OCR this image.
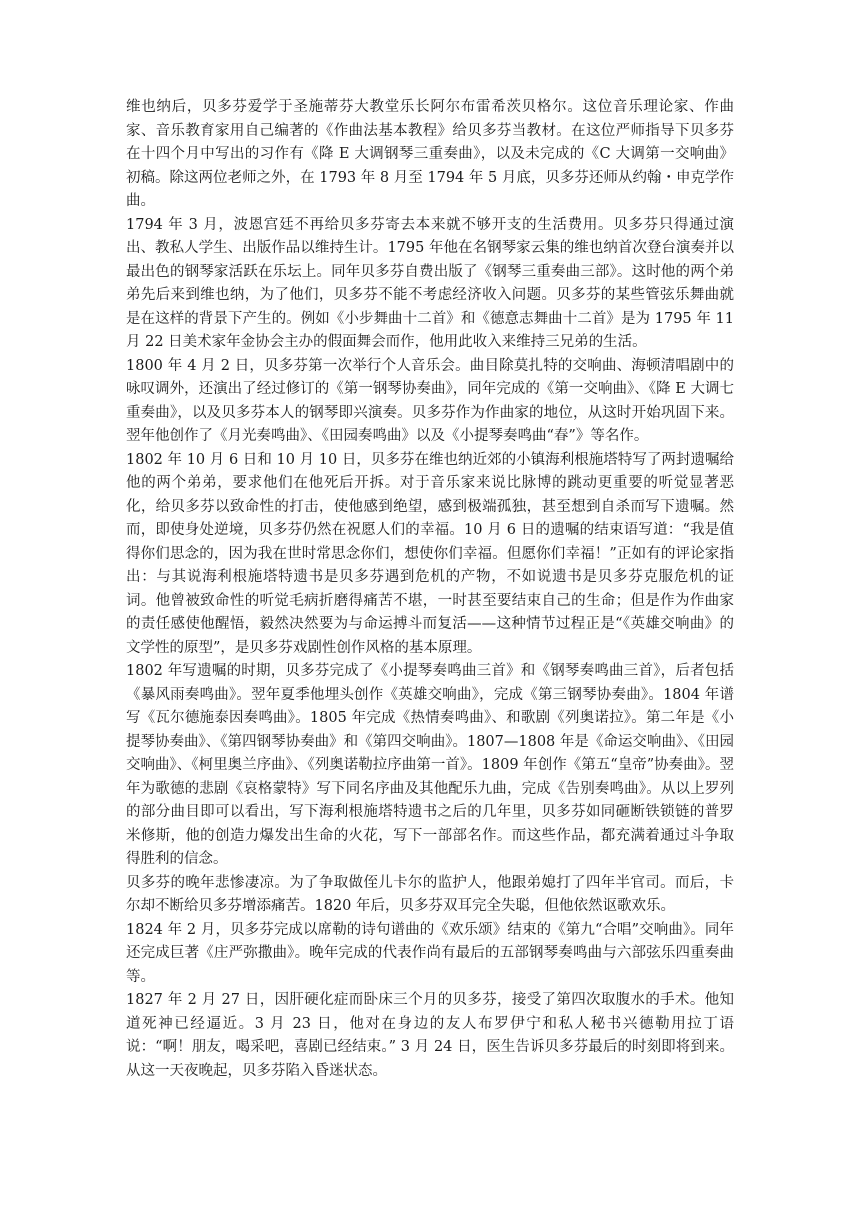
维也纳后，贝多芬爱学于圣施蒂芬大教堂乐长阿尔布雷希茨贝格尔。这位音乐理论家、作曲家、音乐教育家用自己编著的《作曲法基本教程》给贝多芬当教材。在这位严师指导下贝多芬在十四个月中写出的习作有《降 E 大调钢琴三重奏曲》，以及未完成的《C 大调第一交响曲》初稿。除这两位老师之外，在 1793 年 8 月至 1794 年 5 月底，贝多芬还师从约翰・申克学作曲。

1794 年 3 月，波恩宫廷不再给贝多芬寄去本来就不够开支的生活费用。贝多芬只得通过演出、教私人学生、出版作品以维持生计。1795 年他在名钢琴家云集的维也纳首次登台演奏并以最出色的钢琴家活跃在乐坛上。同年贝多芬自费出版了《钢琴三重奏曲三部》。这时他的两个弟弟先后来到维也纳，为了他们，贝多芬不能不考虑经济收入问题。贝多芬的某些管弦乐舞曲就是在这样的背景下产生的。例如《小步舞曲十二首》和《德意志舞曲十二首》是为 1795 年 11 月 22 日美术家年金协会主办的假面舞会而作，他用此收入来维持三兄弟的生活。

1800 年 4 月 2 日，贝多芬第一次举行个人音乐会。曲目除莫扎特的交响曲、海顿清唱剧中的咏叹调外，还演出了经过修订的《第一钢琴协奏曲》，同年完成的《第一交响曲》、《降 E 大调七重奏曲》，以及贝多芬本人的钢琴即兴演奏。贝多芬作为作曲家的地位，从这时开始巩固下来。翌年他创作了《月光奏鸣曲》、《田园奏鸣曲》以及《小提琴奏鸣曲“春”》等名作。

1802 年 10 月 6 日和 10 月 10 日，贝多芬在维也纳近郊的小镇海利根施塔特写了两封遗嘱给他的两个弟弟，要求他们在他死后开拆。对于音乐家来说比脉博的跳动更重要的听觉显著恶化，给贝多芬以致命性的打击，使他感到绝望，感到极端孤独，甚至想到自杀而写下遗嘱。然而，即使身处逆境，贝多芬仍然在祝愿人们的幸福。10 月 6 日的遗嘱的结束语写道：“我是值得你们思念的，因为我在世时常思念你们，想使你们幸福。但愿你们幸福！”正如有的评论家指出：与其说海利根施塔特遗书是贝多芬遇到危机的产物，不如说遗书是贝多芬克服危机的证词。他曾被致命性的听觉毛病折磨得痛苦不堪，一时甚至要结束自己的生命；但是作为作曲家的责任感使他醒悟，毅然决然要为与命运搏斗而复活——这种情节过程正是“《英雄交响曲》的文学性的原型”，是贝多芬戏剧性创作风格的基本原理。

1802 年写遗嘱的时期，贝多芬完成了《小提琴奏鸣曲三首》和《钢琴奏鸣曲三首》，后者包括《暴风雨奏鸣曲》。翌年夏季他埋头创作《英雄交响曲》，完成《第三钢琴协奏曲》。1804 年谱写《瓦尔德施泰因奏鸣曲》。1805 年完成《热情奏鸣曲》、和歌剧《列奥诺拉》。第二年是《小提琴协奏曲》、《第四钢琴协奏曲》和《第四交响曲》。1807—1808 年是《命运交响曲》、《田园交响曲》、《柯里奥兰序曲》、《列奥诺勒拉序曲第一首》。1809 年创作《第五“皇帝”协奏曲》。翌年为歌德的悲剧《哀格蒙特》写下同名序曲及其他配乐九曲，完成《告别奏鸣曲》。从以上罗列的部分曲目即可以看出，写下海利根施塔特遗书之后的几年里，贝多芬如同砸断铁锁链的普罗米修斯，他的创造力爆发出生命的火花，写下一部部名作。而这些作品，都充满着通过斗争取得胜利的信念。

贝多芬的晚年悲惨凄凉。为了争取做侄儿卡尔的监护人，他跟弟媳打了四年半官司。而后，卡尔却不断给贝多芬增添痛苦。1820 年后，贝多芬双耳完全失聪，但他依然讴歌欢乐。

1824 年 2 月，贝多芬完成以席勒的诗句谱曲的《欢乐颂》结束的《第九“合唱”交响曲》。同年还完成巨著《庄严弥撒曲》。晚年完成的代表作尚有最后的五部钢琴奏鸣曲与六部弦乐四重奏曲等。

1827 年 2 月 27 日，因肝硬化症而卧床三个月的贝多芬，接受了第四次取腹水的手术。他知道死神已经逼近。3 月 23 日，他对在身边的友人布罗伊宁和私人秘书兴德勒用拉丁语说：“啊！朋友，喝采吧，喜剧已经结束。” 3 月 24 日，医生告诉贝多芬最后的时刻即将到来。从这一天夜晚起，贝多芬陷入昏迷状态。
